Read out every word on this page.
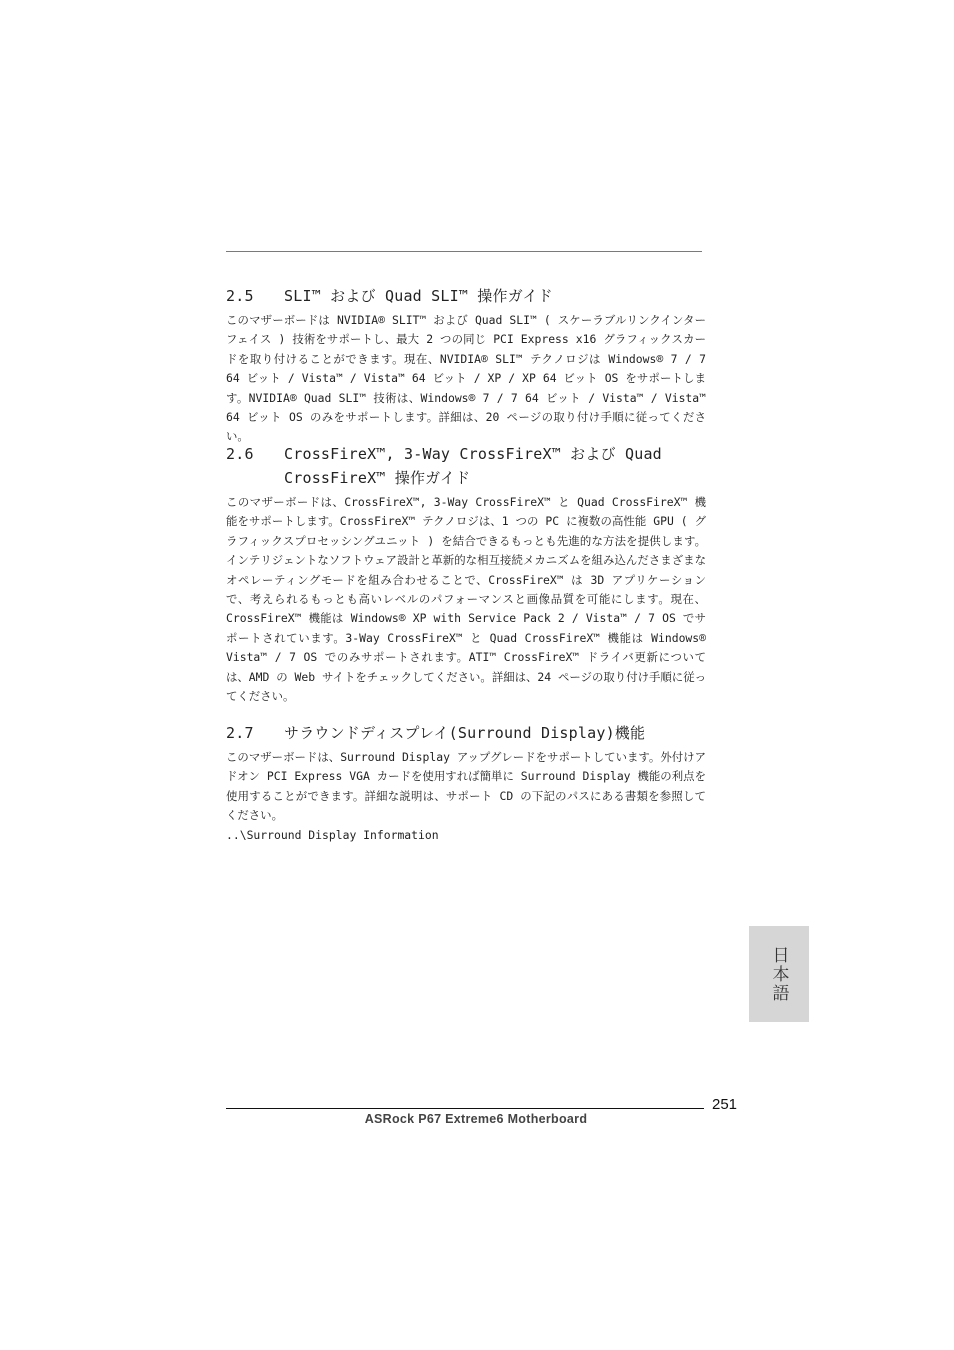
2.5	SLI™ および Quad SLI™ 操作ガイド
このマザーボードは NVIDIA® SLIT™ および Quad SLI™ ( スケーラブルリンクインターフェイス ) 技術をサポートし、最大 2 つの同じ PCI Express x16 グラフィックスカードを取り付けることができます。現在、NVIDIA® SLI™ テクノロジは Windows® 7 / 7 64 ビット / Vista™ / Vista™ 64 ビット / XP / XP 64 ビット OS をサポートします。NVIDIA® Quad SLI™ 技術は、Windows® 7 / 7 64 ビット / Vista™ / Vista™ 64 ビット OS のみをサポートします。詳細は、20 ページの取り付け手順に従ってください。
2.6	CrossFireX™, 3-Way CrossFireX™ および Quad CrossFireX™ 操作ガイド
このマザーボードは、CrossFireX™, 3-Way CrossFireX™ と Quad CrossFireX™ 機能をサポートします。CrossFireX™ テクノロジは、1 つの PC に複数の高性能 GPU ( グラフィックスプロセッシングユニット ) を結合できるもっとも先進的な方法を提供します。インテリジェントなソフトウェア設計と革新的な相互接続メカニズムを組み込んださまざまなオペレーティングモードを組み合わせることで、CrossFireX™ は 3D アプリケーションで、考えられるもっとも高いレベルのパフォーマンスと画像品質を可能にします。現在、CrossFireX™ 機能は Windows® XP with Service Pack 2 / Vista™ / 7 OS でサポートされています。3-Way CrossFireX™ と Quad CrossFireX™ 機能は Windows® Vista™ / 7 OS でのみサポートされます。ATI™ CrossFireX™ ドライバ更新については、AMD の Web サイトをチェックしてください。詳細は、24 ページの取り付け手順に従ってください。
2.7	サラウンドディスプレイ(Surround Display)機能
このマザーボードは、Surround Display アップグレードをサポートしています。外付けアドオン PCI Express VGA カードを使用すれば簡単に Surround Display 機能の利点を使用することができます。詳細な説明は、サポート CD の下記のパスにある書類を参照してください。
..\Surround Display Information
日本語
251
ASRock P67 Extreme6 Motherboard
